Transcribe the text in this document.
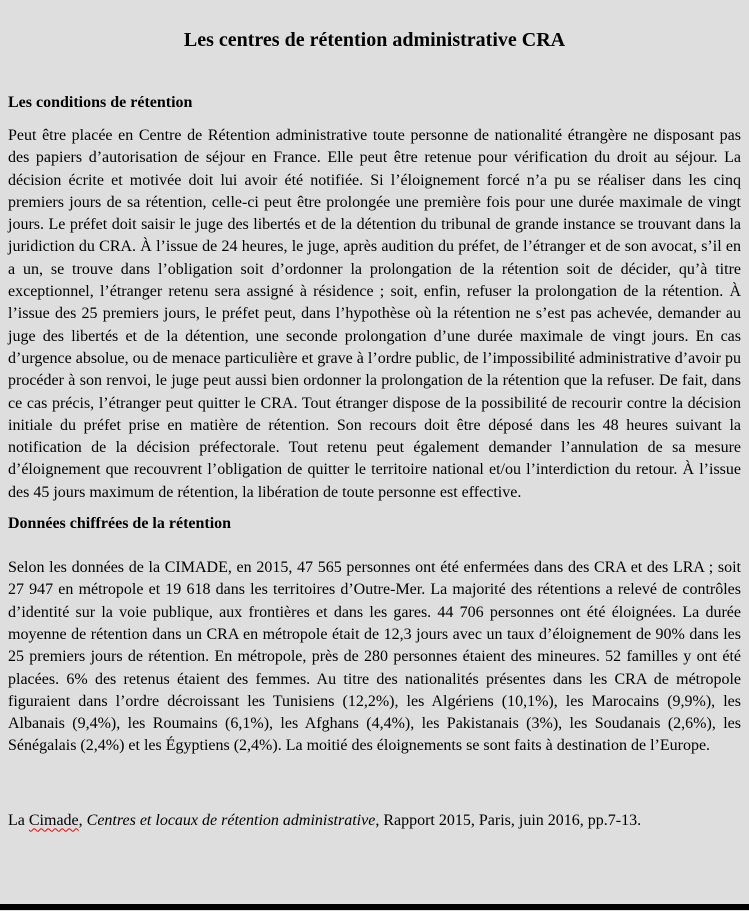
Les centres de rétention administrative CRA
Les conditions de rétention

Peut être placée en Centre de Rétention administrative toute personne de nationalité étrangère ne disposant pas des papiers d’autorisation de séjour en France. Elle peut être retenue pour vérification du droit au séjour. La décision écrite et motivée doit lui avoir été notifiée. Si l’éloignement forcé n’a pu se réaliser dans les cinq premiers jours de sa rétention, celle-ci peut être prolongée une première fois pour une durée maximale de vingt jours. Le préfet doit saisir le juge des libertés et de la détention du tribunal de grande instance se trouvant dans la juridiction du CRA. À l’issue de 24 heures, le juge, après audition du préfet, de l’étranger et de son avocat, s’il en a un, se trouve dans l’obligation soit d’ordonner la prolongation de la rétention soit de décider, qu’à titre exceptionnel, l’étranger retenu sera assigné à résidence ; soit, enfin, refuser la prolongation de la rétention. À l’issue des 25 premiers jours, le préfet peut, dans l’hypothèse où la rétention ne s’est pas achevée, demander au juge des libertés et de la détention, une seconde prolongation d’une durée maximale de vingt jours. En cas d’urgence absolue, ou de menace particulière et grave à l’ordre public, de l’impossibilité administrative d’avoir pu procéder à son renvoi, le juge peut aussi bien ordonner la prolongation de la rétention que la refuser. De fait, dans ce cas précis, l’étranger peut quitter le CRA. Tout étranger dispose de la possibilité de recourir contre la décision initiale du préfet prise en matière de rétention. Son recours doit être déposé dans les 48 heures suivant la notification de la décision préfectorale. Tout retenu peut également demander l’annulation de sa mesure d’éloignement que recouvrent l’obligation de quitter le territoire national et/ou l’interdiction du retour. À l’issue des 45 jours maximum de rétention, la libération de toute personne est effective.

Données chiffrées de la rétention

Selon les données de la CIMADE, en 2015, 47 565 personnes ont été enfermées dans des CRA et des LRA ; soit 27 947 en métropole et 19 618 dans les territoires d’Outre-Mer. La majorité des rétentions a relevé de contrôles d’identité sur la voie publique, aux frontières et dans les gares. 44 706 personnes ont été éloignées. La durée moyenne de rétention dans un CRA en métropole était de 12,3 jours avec un taux d’éloignement de 90% dans les 25 premiers jours de rétention. En métropole, près de 280 personnes étaient des mineures. 52 familles y ont été placées. 6% des retenus étaient des femmes. Au titre des nationalités présentes dans les CRA de métropole figuraient dans l’ordre décroissant les Tunisiens (12,2%), les Algériens (10,1%), les Marocains (9,9%), les Albanais (9,4%), les Roumains (6,1%), les Afghans (4,4%), les Pakistanais (3%), les Soudanais (2,6%), les Sénégalais (2,4%) et les Égyptiens (2,4%). La moitié des éloignements se sont faits à destination de l’Europe.

La Cimade, Centres et locaux de rétention administrative, Rapport 2015, Paris, juin 2016, pp.7-13.
